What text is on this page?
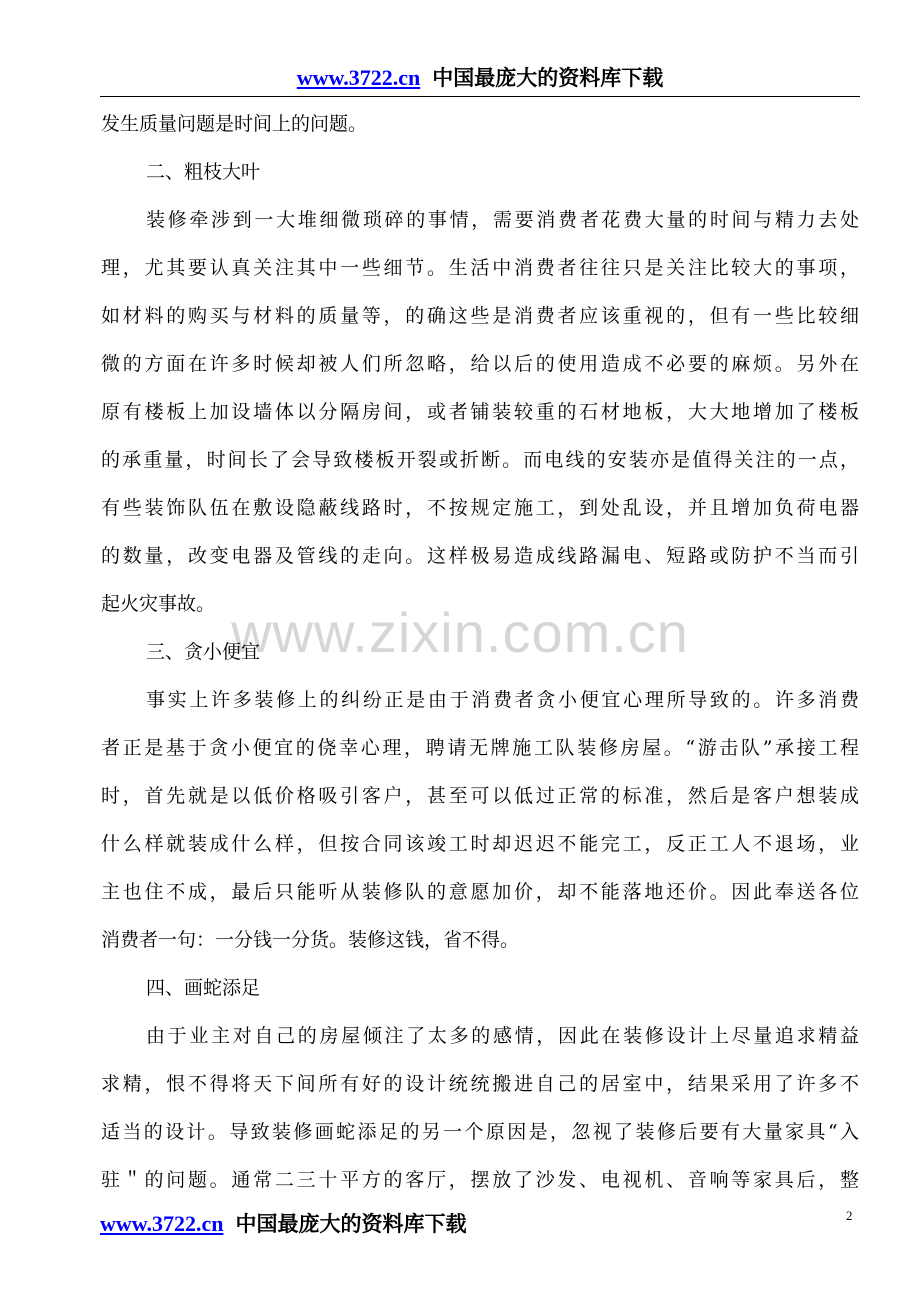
www.3722.cn 中国最庞大的资料库下载
www.zixin.com.cn
发生质量问题是时间上的问题。
二、粗枝大叶
装修牵涉到一大堆细微琐碎的事情，需要消费者花费大量的时间与精力去处
理，尤其要认真关注其中一些细节。生活中消费者往往只是关注比较大的事项，
如材料的购买与材料的质量等，的确这些是消费者应该重视的，但有一些比较细
微的方面在许多时候却被人们所忽略，给以后的使用造成不必要的麻烦。另外在
原有楼板上加设墙体以分隔房间，或者铺装较重的石材地板，大大地增加了楼板
的承重量，时间长了会导致楼板开裂或折断。而电线的安装亦是值得关注的一点，
有些装饰队伍在敷设隐蔽线路时，不按规定施工，到处乱设，并且增加负荷电器
的数量，改变电器及管线的走向。这样极易造成线路漏电、短路或防护不当而引
起火灾事故。
三、贪小便宜
事实上许多装修上的纠纷正是由于消费者贪小便宜心理所导致的。许多消费
者正是基于贪小便宜的侥幸心理，聘请无牌施工队装修房屋。“游击队”承接工程
时，首先就是以低价格吸引客户，甚至可以低过正常的标准，然后是客户想装成
什么样就装成什么样，但按合同该竣工时却迟迟不能完工，反正工人不退场，业
主也住不成，最后只能听从装修队的意愿加价，却不能落地还价。因此奉送各位
消费者一句：一分钱一分货。装修这钱，省不得。
四、画蛇添足
由于业主对自己的房屋倾注了太多的感情，因此在装修设计上尽量追求精益
求精，恨不得将天下间所有好的设计统统搬进自己的居室中，结果采用了许多不
适当的设计。导致装修画蛇添足的另一个原因是，忽视了装修后要有大量家具“入
驻＂的问题。通常二三十平方的客厅，摆放了沙发、电视机、音响等家具后，整
www.3722.cn 中国最庞大的资料库下载	2
